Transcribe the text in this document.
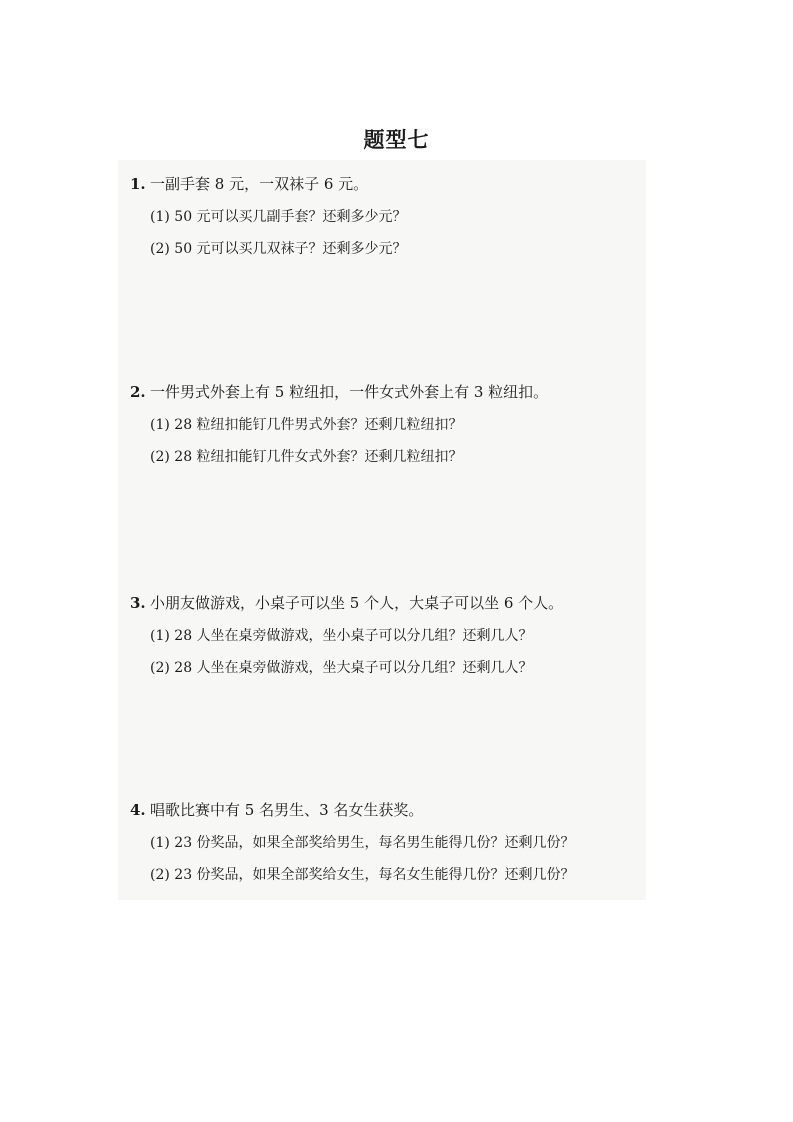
题型七
1. 一副手套 8 元，一双袜子 6 元。
(1) 50 元可以买几副手套？还剩多少元？
(2) 50 元可以买几双袜子？还剩多少元？
2. 一件男式外套上有 5 粒纽扣，一件女式外套上有 3 粒纽扣。
(1) 28 粒纽扣能钉几件男式外套？还剩几粒纽扣？
(2) 28 粒纽扣能钉几件女式外套？还剩几粒纽扣？
3. 小朋友做游戏，小桌子可以坐 5 个人，大桌子可以坐 6 个人。
(1) 28 人坐在桌旁做游戏，坐小桌子可以分几组？还剩几人？
(2) 28 人坐在桌旁做游戏，坐大桌子可以分几组？还剩几人？
4. 唱歌比赛中有 5 名男生、3 名女生获奖。
(1) 23 份奖品，如果全部奖给男生，每名男生能得几份？还剩几份？
(2) 23 份奖品，如果全部奖给女生，每名女生能得几份？还剩几份？
